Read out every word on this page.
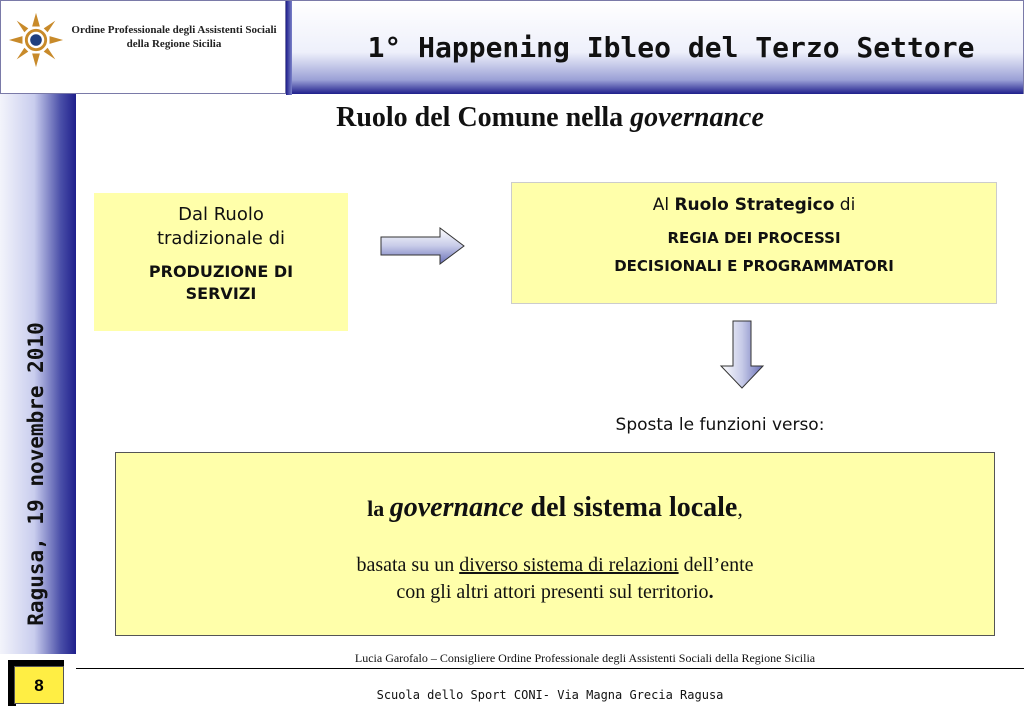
Ordine Professionale degli Assistenti Sociali
della Regione Sicilia	1° Happening Ibleo del Terzo Settore
Ragusa, 19 novembre 2010
8
Ruolo del Comune nella governance
Dal Ruolo
tradizionale di
PRODUZIONE DI
SERVIZI
Al Ruolo Strategico di
REGIA DEI PROCESSI
DECISIONALI E PROGRAMMATORI
Sposta le funzioni verso:
la governance del sistema locale,
basata su un diverso sistema di relazioni dell’ente
con gli altri attori presenti sul territorio.
Lucia Garofalo – Consigliere Ordine Professionale degli Assistenti Sociali della Regione Sicilia
Scuola dello Sport CONI- Via Magna Grecia Ragusa
